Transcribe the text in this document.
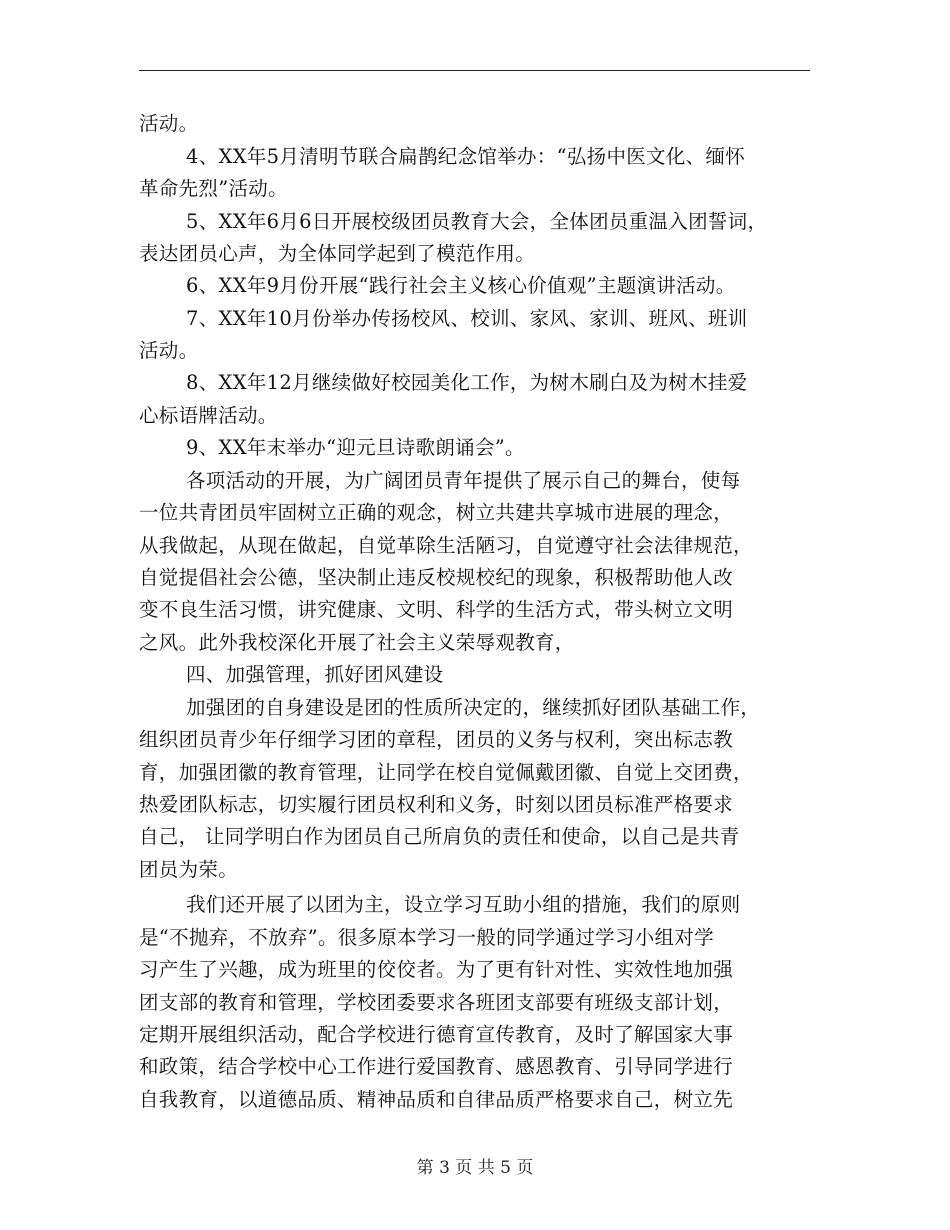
活动。
4、XX年5月清明节联合扁鹊纪念馆举办：“弘扬中医文化、缅怀
革命先烈”活动。
5、XX年6月6日开展校级团员教育大会，全体团员重温入团誓词，
表达团员心声，为全体同学起到了模范作用。
6、XX年9月份开展“践行社会主义核心价值观”主题演讲活动。
7、XX年10月份举办传扬校风、校训、家风、家训、班风、班训
活动。
8、XX年12月继续做好校园美化工作，为树木刷白及为树木挂爱
心标语牌活动。
9、XX年末举办“迎元旦诗歌朗诵会”。
各项活动的开展，为广阔团员青年提供了展示自己的舞台，使每
一位共青团员牢固树立正确的观念，树立共建共享城市进展的理念，
从我做起，从现在做起，自觉革除生活陋习，自觉遵守社会法律规范，
自觉提倡社会公德，坚决制止违反校规校纪的现象，积极帮助他人改
变不良生活习惯，讲究健康、文明、科学的生活方式，带头树立文明
之风。此外我校深化开展了社会主义荣辱观教育，
四、加强管理，抓好团风建设
加强团的自身建设是团的性质所决定的，继续抓好团队基础工作，
组织团员青少年仔细学习团的章程，团员的义务与权利，突出标志教
育，加强团徽的教育管理，让同学在校自觉佩戴团徽、自觉上交团费，
热爱团队标志，切实履行团员权利和义务，时刻以团员标准严格要求
自己， 让同学明白作为团员自己所肩负的责任和使命，以自己是共青
团员为荣。
我们还开展了以团为主，设立学习互助小组的措施，我们的原则
是“不抛弃，不放弃”。很多原本学习一般的同学通过学习小组对学
习产生了兴趣，成为班里的佼佼者。为了更有针对性、实效性地加强
团支部的教育和管理，学校团委要求各班团支部要有班级支部计划，
定期开展组织活动，配合学校进行德育宣传教育，及时了解国家大事
和政策，结合学校中心工作进行爱国教育、感恩教育、引导同学进行
自我教育，以道德品质、精神品质和自律品质严格要求自己，树立先
第 3 页 共 5 页
